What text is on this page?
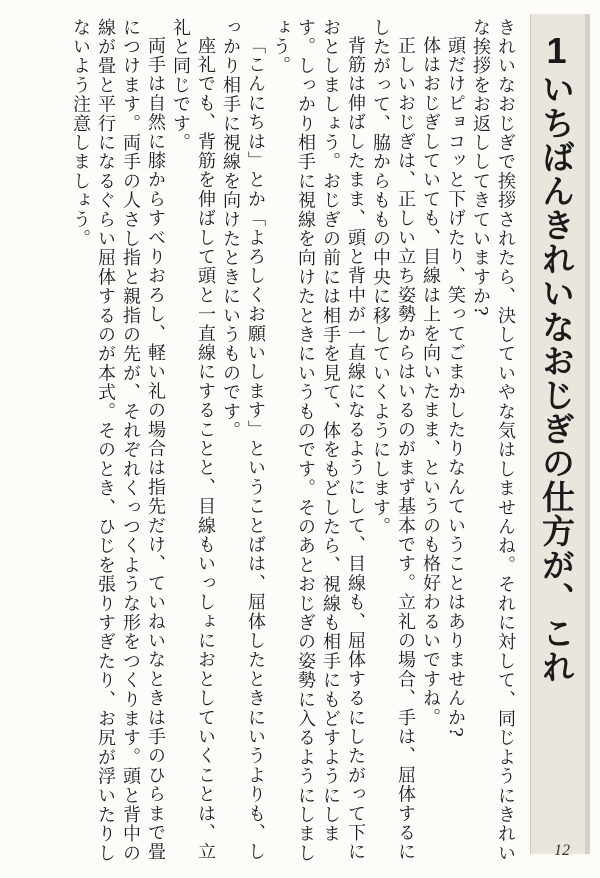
1いちばんきれいなおじぎの仕方が、これ

きれいなおじぎで挨拶されたら、決していやな気はしませんね。それに対して、同じようにきれいな挨拶をお返ししてきていますか?

頭だけピョコッと下げたり、笑ってごまかしたりなんていうことはありませんか?

体はおじぎしていても、目線は上を向いたまま、というのも格好わるいですね。

正しいおじぎは、正しい立ち姿勢からはいるのがまず基本です。立礼の場合、手は、屈体するにしたがって、脇からももの中央に移していくようにします。

背筋は伸ばしたまま、頭と背中が一直線になるようにして、目線も、屈体するにしたがって下におとしましょう。おじぎの前には相手を見て、体をもどしたら、視線も相手にもどすようにします。しっかり相手に視線を向けたときにいうものです。そのあとおじぎの姿勢に入るようにしましょう。

「こんにちは」とか「よろしくお願いします」ということばは、屈体したときにいうよりも、しっかり相手に視線を向けたときにいうものです。

座礼でも、背筋を伸ばして頭と一直線にすることと、目線もいっしょにおとしていくことは、立礼と同じです。

両手は自然に膝からすべりおろし、軽い礼の場合は指先だけ、ていねいなときは手のひらまで畳につけます。両手の人さし指と親指の先が、それぞれくっつくような形をつくります。頭と背中の線が畳と平行になるぐらい屈体するのが本式。そのとき、ひじを張りすぎたり、お尻が浮いたりしないよう注意しましょう。

12
